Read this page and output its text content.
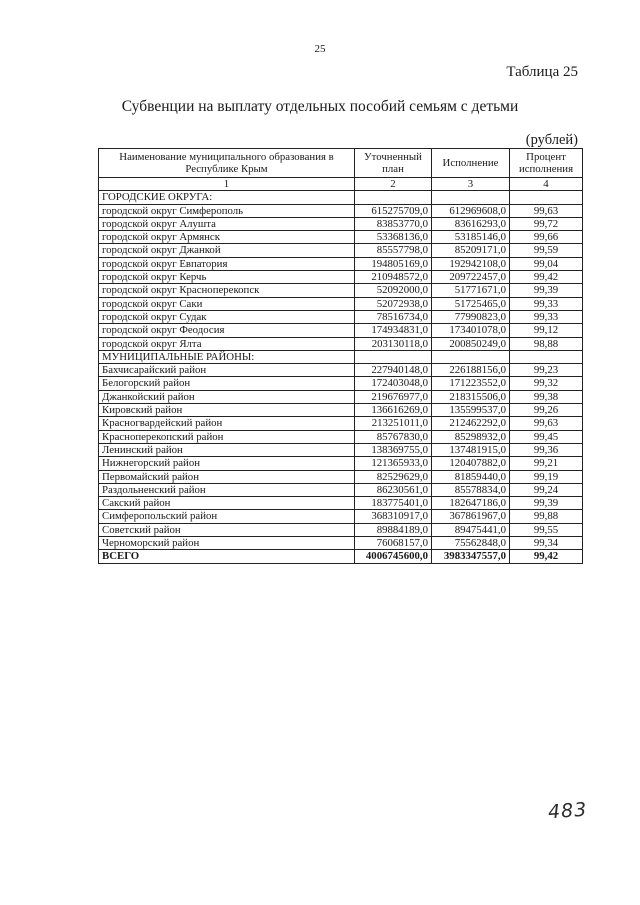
25
Таблица 25
Субвенции на выплату отдельных пособий семьям с детьми
(рублей)
Наименование муниципального образования в Республике Крым	Уточненный план	Исполнение	Процент исполнения
1	2	3	4
ГОРОДСКИЕ ОКРУГА:			
городской округ Симферополь	615275709,0	612969608,0	99,63
городской округ Алушта	83853770,0	83616293,0	99,72
городской округ Армянск	53368136,0	53185146,0	99,66
городской округ Джанкой	85557798,0	85209171,0	99,59
городской округ Евпатория	194805169,0	192942108,0	99,04
городской округ Керчь	210948572,0	209722457,0	99,42
городской округ Красноперекопск	52092000,0	51771671,0	99,39
городской округ Саки	52072938,0	51725465,0	99,33
городской округ Судак	78516734,0	77990823,0	99,33
городской округ Феодосия	174934831,0	173401078,0	99,12
городской округ Ялта	203130118,0	200850249,0	98,88
МУНИЦИПАЛЬНЫЕ РАЙОНЫ:			
Бахчисарайский район	227940148,0	226188156,0	99,23
Белогорский район	172403048,0	171223552,0	99,32
Джанкойский район	219676977,0	218315506,0	99,38
Кировский район	136616269,0	135599537,0	99,26
Красногвардейский район	213251011,0	212462292,0	99,63
Красноперекопский район	85767830,0	85298932,0	99,45
Ленинский район	138369755,0	137481915,0	99,36
Нижнегорский район	121365933,0	120407882,0	99,21
Первомайский район	82529629,0	81859440,0	99,19
Раздольненский район	86230561,0	85578834,0	99,24
Сакский район	183775401,0	182647186,0	99,39
Симферопольский район	368310917,0	367861967,0	99,88
Советский район	89884189,0	89475441,0	99,55
Черноморский район	76068157,0	75562848,0	99,34
ВСЕГО	4006745600,0	3983347557,0	99,42
483
